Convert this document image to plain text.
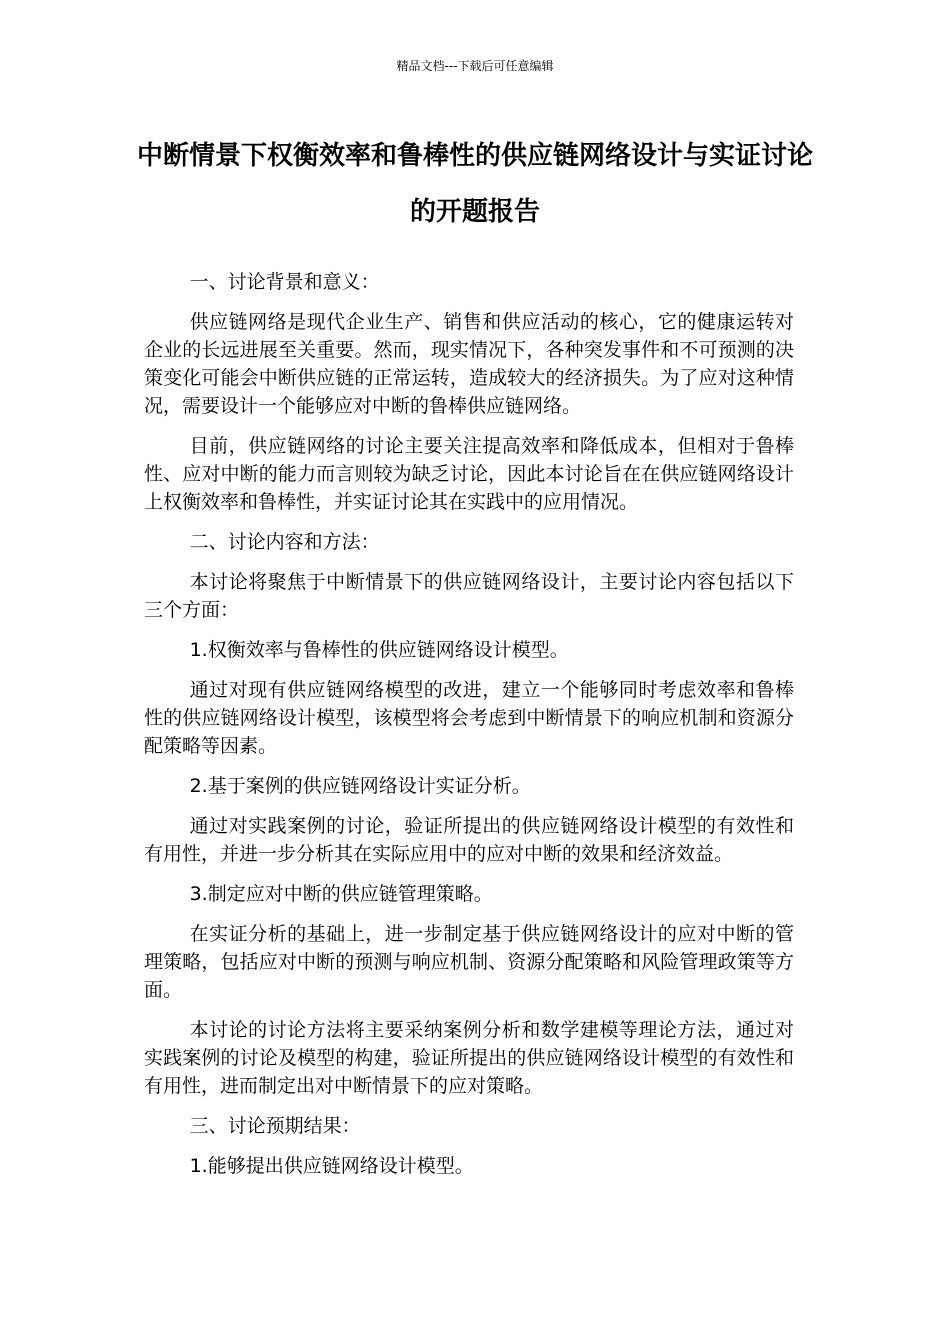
精品文档---下载后可任意编辑
中断情景下权衡效率和鲁棒性的供应链网络设计与实证讨论的开题报告

一、讨论背景和意义：

供应链网络是现代企业生产、销售和供应活动的核心，它的健康运转对企业的长远进展至关重要。然而，现实情况下，各种突发事件和不可预测的决策变化可能会中断供应链的正常运转，造成较大的经济损失。为了应对这种情况，需要设计一个能够应对中断的鲁棒供应链网络。

目前，供应链网络的讨论主要关注提高效率和降低成本，但相对于鲁棒性、应对中断的能力而言则较为缺乏讨论，因此本讨论旨在在供应链网络设计上权衡效率和鲁棒性，并实证讨论其在实践中的应用情况。

二、讨论内容和方法：

本讨论将聚焦于中断情景下的供应链网络设计，主要讨论内容包括以下三个方面：

1.权衡效率与鲁棒性的供应链网络设计模型。

通过对现有供应链网络模型的改进，建立一个能够同时考虑效率和鲁棒性的供应链网络设计模型，该模型将会考虑到中断情景下的响应机制和资源分配策略等因素。

2.基于案例的供应链网络设计实证分析。

通过对实践案例的讨论，验证所提出的供应链网络设计模型的有效性和有用性，并进一步分析其在实际应用中的应对中断的效果和经济效益。

3.制定应对中断的供应链管理策略。

在实证分析的基础上，进一步制定基于供应链网络设计的应对中断的管理策略，包括应对中断的预测与响应机制、资源分配策略和风险管理政策等方面。

本讨论的讨论方法将主要采纳案例分析和数学建模等理论方法，通过对实践案例的讨论及模型的构建，验证所提出的供应链网络设计模型的有效性和有用性，进而制定出对中断情景下的应对策略。

三、讨论预期结果：

1.能够提出供应链网络设计模型。
